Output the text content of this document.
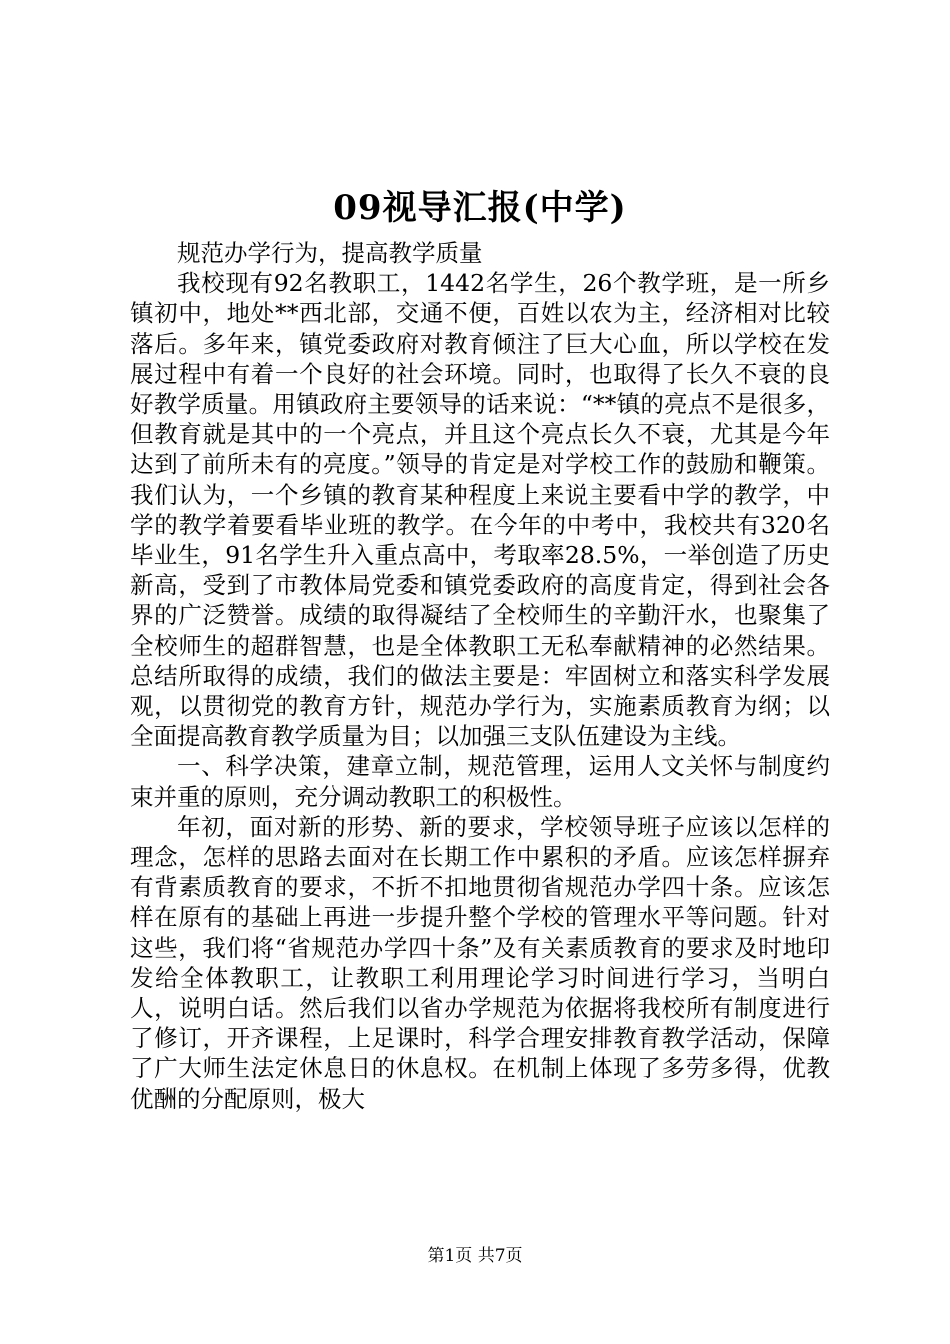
09视导汇报(中学)

规范办学行为，提高教学质量

我校现有92名教职工，1442名学生，26个教学班，是一所乡镇初中，地处**西北部，交通不便，百姓以农为主，经济相对比较落后。多年来，镇党委政府对教育倾注了巨大心血，所以学校在发展过程中有着一个良好的社会环境。同时，也取得了长久不衰的良好教学质量。用镇政府主要领导的话来说：“**镇的亮点不是很多，但教育就是其中的一个亮点，并且这个亮点长久不衰，尤其是今年达到了前所未有的亮度。”领导的肯定是对学校工作的鼓励和鞭策。我们认为，一个乡镇的教育某种程度上来说主要看中学的教学，中学的教学着要看毕业班的教学。在今年的中考中，我校共有320名毕业生，91名学生升入重点高中，考取率28.5%，一举创造了历史新高，受到了市教体局党委和镇党委政府的高度肯定，得到社会各界的广泛赞誉。成绩的取得凝结了全校师生的辛勤汗水，也聚集了全校师生的超群智慧，也是全体教职工无私奉献精神的必然结果。总结所取得的成绩，我们的做法主要是：牢固树立和落实科学发展观，以贯彻党的教育方针，规范办学行为，实施素质教育为纲；以全面提高教育教学质量为目；以加强三支队伍建设为主线。

一、科学决策，建章立制，规范管理，运用人文关怀与制度约束并重的原则，充分调动教职工的积极性。

年初，面对新的形势、新的要求，学校领导班子应该以怎样的理念，怎样的思路去面对在长期工作中累积的矛盾。应该怎样摒弃有背素质教育的要求，不折不扣地贯彻省规范办学四十条。应该怎样在原有的基础上再进一步提升整个学校的管理水平等问题。针对这些，我们将“省规范办学四十条”及有关素质教育的要求及时地印发给全体教职工，让教职工利用理论学习时间进行学习，当明白人，说明白话。然后我们以省办学规范为依据将我校所有制度进行了修订，开齐课程，上足课时，科学合理安排教育教学活动，保障了广大师生法定休息日的休息权。在机制上体现了多劳多得，优教优酬的分配原则，极大

第1页 共7页
